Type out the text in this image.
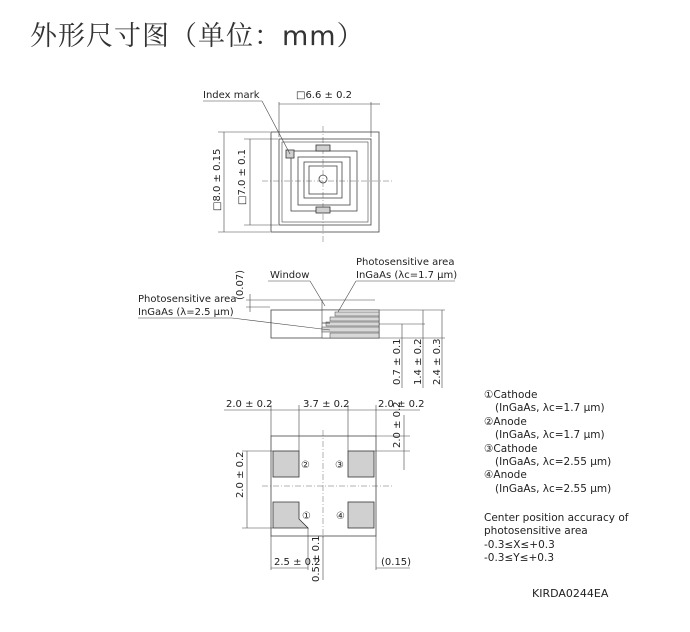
外形尺寸图（单位：mm）
Index mark	□6.6 ± 0.2
□8.0 ± 0.15 □7.0 ± 0.1
Window
Photosensitive area
InGaAs (λc=1.7 μm)
Photosensitive area
InGaAs (λ=2.5 μm)
(0.07)
0.7 ± 0.1 1.4 ± 0.2 2.4 ± 0.3
2.0 ± 0.2	3.7 ± 0.2	2.0 ± 0.2
2.0 ± 0.2
2.0 ± 0.2
2.5 ± 0.2
0.5 ± 0.1	(0.15)
②	③
①	④
①Cathode
(InGaAs, λc=1.7 μm)
②Anode
(InGaAs, λc=1.7 μm)
③Cathode
(InGaAs, λc=2.55 μm)
④Anode
(InGaAs, λc=2.55 μm)
Center position accuracy of
photosensitive area
-0.3≤X≤+0.3
-0.3≤Y≤+0.3
KIRDA0244EA
